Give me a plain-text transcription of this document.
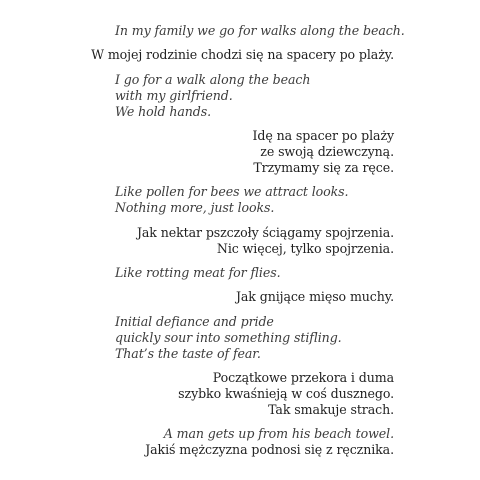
In my family we go for walks along the beach.
W mojej rodzinie chodzi się na spacery po plaży.
I go for a walk along the beach
with my girlfriend.
We hold hands.
Idę na spacer po plaży
ze swoją dziewczyną.
Trzymamy się za ręce.
Like pollen for bees we attract looks.
Nothing more, just looks.
Jak nektar pszczoły ściągamy spojrzenia.
Nic więcej, tylko spojrzenia.
Like rotting meat for flies.
Jak gnijące mięso muchy.
Initial defiance and pride
quickly sour into something stifling.
That’s the taste of fear.
Początkowe przekora i duma
szybko kwaśnieją w coś dusznego.
Tak smakuje strach.
A man gets up from his beach towel.
Jakiś mężczyzna podnosi się z ręcznika.
